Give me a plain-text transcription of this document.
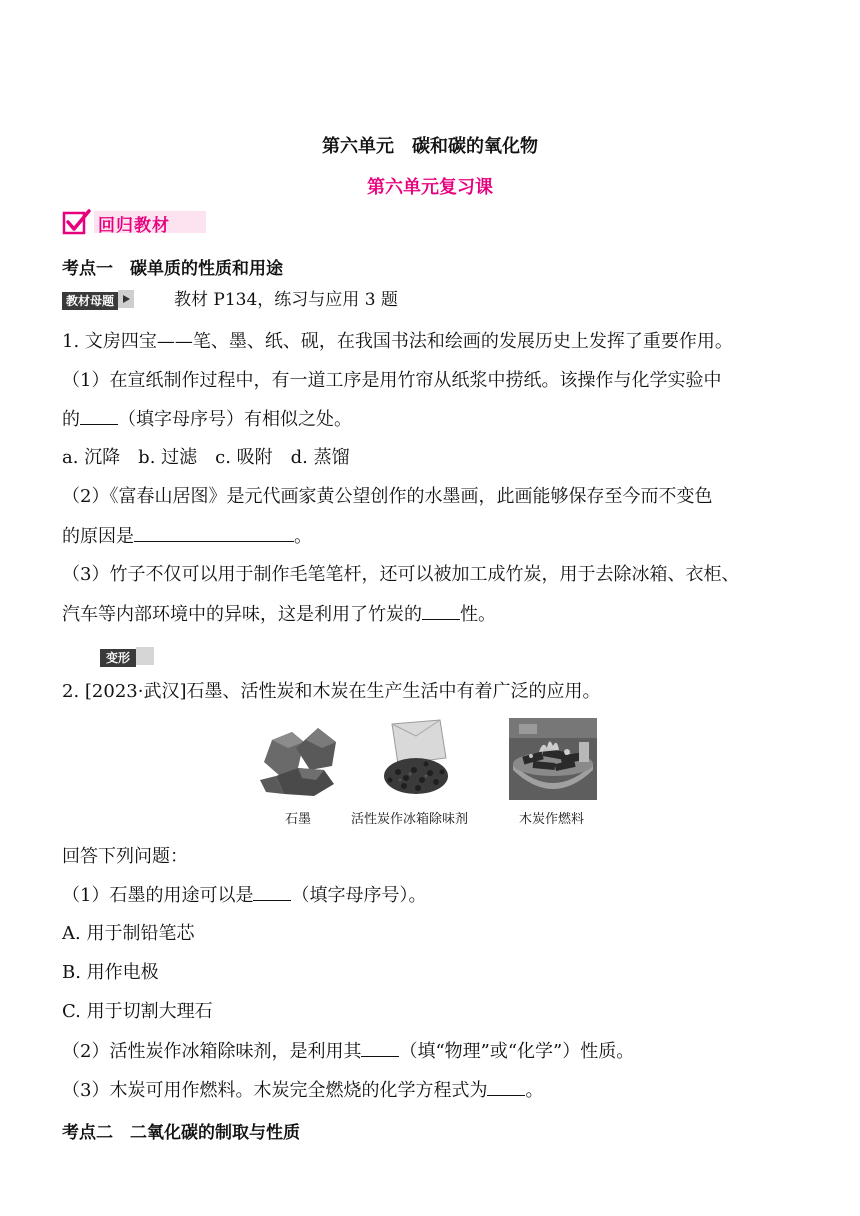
第六单元　碳和碳的氧化物
第六单元复习课
回归教材
考点一　碳单质的性质和用途
教材母题	教材 P134，练习与应用 3 题
1. 文房四宝——笔、墨、纸、砚，在我国书法和绘画的发展历史上发挥了重要作用。
（1）在宣纸制作过程中，有一道工序是用竹帘从纸浆中捞纸。该操作与化学实验中
的 （填字母序号）有相似之处。
a. 沉降　b. 过滤　c. 吸附　d. 蒸馏
（2）《富春山居图》是元代画家黄公望创作的水墨画，此画能够保存至今而不变色
的原因是	。
（3）竹子不仅可以用于制作毛笔笔杆，还可以被加工成竹炭，用于去除冰箱、衣柜、
汽车等内部环境中的异味，这是利用了竹炭的 性。
变形
2. [2023·武汉]石墨、活性炭和木炭在生产生活中有着广泛的应用。
石墨	活性炭作冰箱除味剂	木炭作燃料
回答下列问题：
（1）石墨的用途可以是 （填字母序号）。
A. 用于制铅笔芯
B. 用作电极
C. 用于切割大理石
（2）活性炭作冰箱除味剂，是利用其 （填“物理”或“化学”）性质。
（3）木炭可用作燃料。木炭完全燃烧的化学方程式为 。
考点二　二氧化碳的制取与性质
